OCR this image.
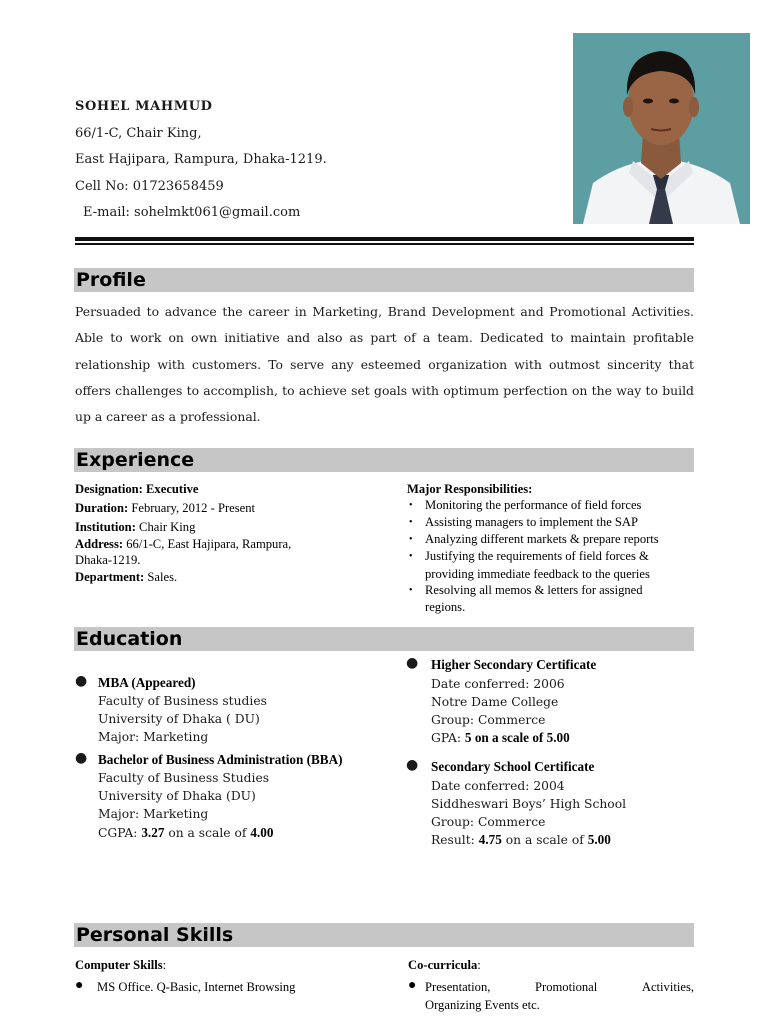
SOHEL MAHMUD
66/1-C, Chair King,
East Hajipara, Rampura, Dhaka-1219.
Cell No: 01723658459
E-mail: sohelmkt061@gmail.com
Profile
Persuaded to advance the career in Marketing, Brand Development and Promotional Activities. Able to work on own initiative and also as part of a team. Dedicated to maintain profitable relationship with customers. To serve any esteemed organization with outmost sincerity that offers challenges to accomplish, to achieve set goals with optimum perfection on the way to build up a career as a professional.
Experience
Designation: Executive
Duration: February, 2012 - Present
Institution: Chair King
Address: 66/1-C, East Hajipara, Rampura,
Dhaka-1219.
Department: Sales.
Major Responsibilities:
• Monitoring the performance of field forces
• Assisting managers to implement the SAP
• Analyzing different markets & prepare reports
• Justifying the requirements of field forces &
providing immediate feedback to the queries
• Resolving all memos & letters for assigned
regions.
Education
● MBA (Appeared)
Faculty of Business studies
University of Dhaka ( DU)
Major: Marketing
● Bachelor of Business Administration (BBA)
Faculty of Business Studies
University of Dhaka (DU)
Major: Marketing
CGPA: 3.27 on a scale of 4.00
● Higher Secondary Certificate
Date conferred: 2006
Notre Dame College
Group: Commerce
GPA: 5 on a scale of 5.00
● Secondary School Certificate
Date conferred: 2004
Siddheswari Boys’ High School
Group: Commerce
Result: 4.75 on a scale of 5.00
Personal Skills
Computer Skills:
● MS Office. Q-Basic, Internet Browsing
Co-curricula:
● Presentation,	Promotional	Activities,
Organizing Events etc.
